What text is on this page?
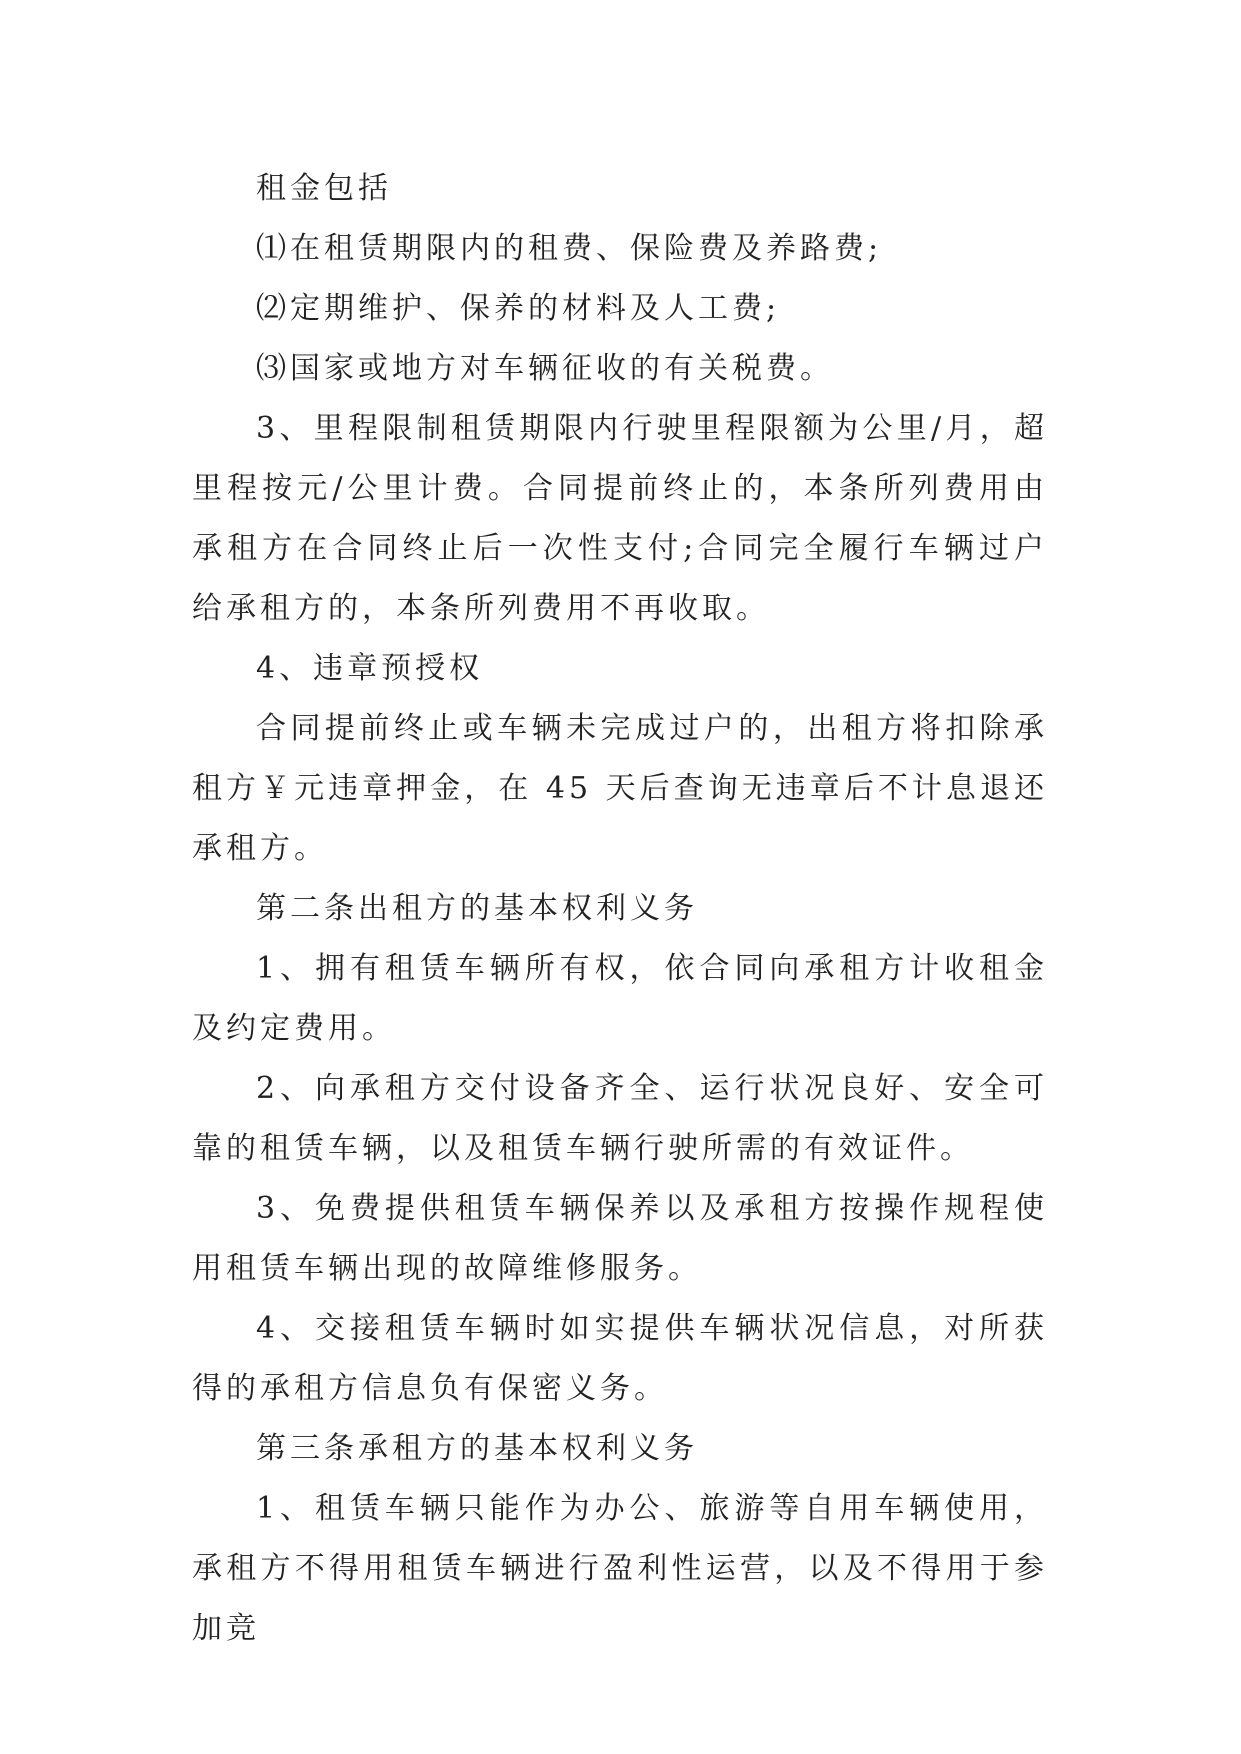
租金包括

⑴在租赁期限内的租费、保险费及养路费;

⑵定期维护、保养的材料及人工费;

⑶国家或地方对车辆征收的有关税费。

3、里程限制租赁期限内行驶里程限额为公里/月，超里程按元/公里计费。合同提前终止的，本条所列费用由承租方在合同终止后一次性支付;合同完全履行车辆过户给承租方的，本条所列费用不再收取。

4、违章预授权

合同提前终止或车辆未完成过户的，出租方将扣除承租方￥元违章押金，在 45 天后查询无违章后不计息退还承租方。

第二条出租方的基本权利义务

1、拥有租赁车辆所有权，依合同向承租方计收租金及约定费用。

2、向承租方交付设备齐全、运行状况良好、安全可靠的租赁车辆，以及租赁车辆行驶所需的有效证件。

3、免费提供租赁车辆保养以及承租方按操作规程使用租赁车辆出现的故障维修服务。

4、交接租赁车辆时如实提供车辆状况信息，对所获得的承租方信息负有保密义务。

第三条承租方的基本权利义务

1、租赁车辆只能作为办公、旅游等自用车辆使用，承租方不得用租赁车辆进行盈利性运营，以及不得用于参加竞
